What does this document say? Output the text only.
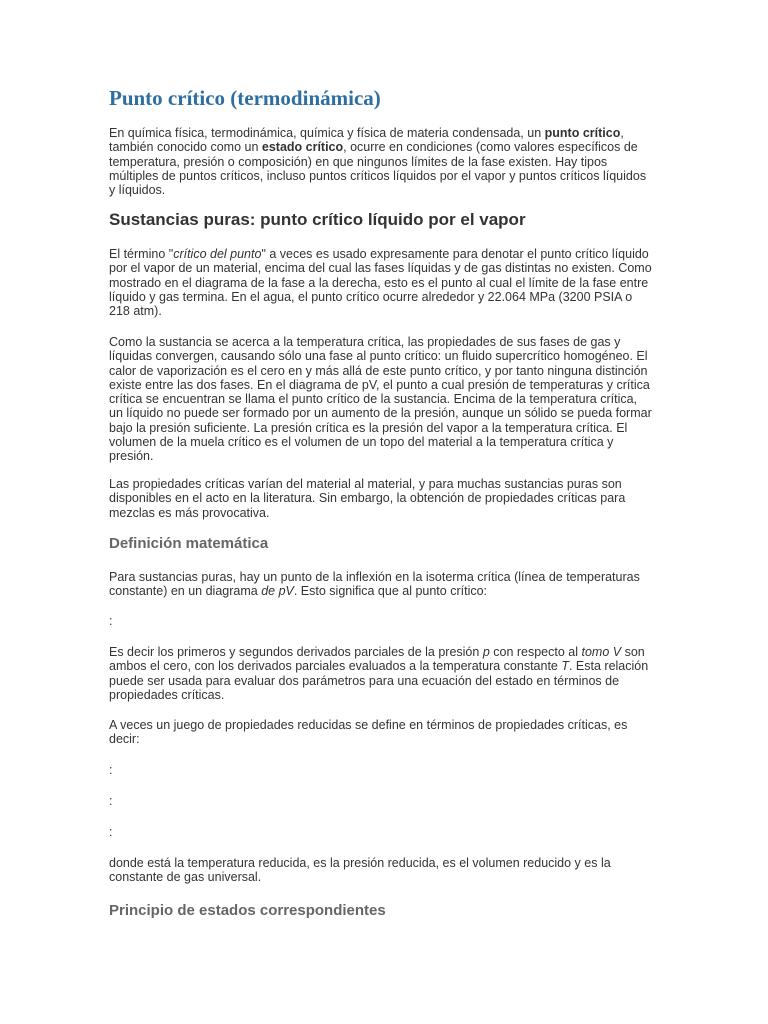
Punto crítico (termodinámica)

En química física, termodinámica, química y física de materia condensada, un punto crítico, también conocido como un estado crítico, ocurre en condiciones (como valores específicos de temperatura, presión o composición) en que ningunos límites de la fase existen. Hay tipos múltiples de puntos críticos, incluso puntos críticos líquidos por el vapor y puntos críticos líquidos y líquidos.

Sustancias puras: punto crítico líquido por el vapor

El término "crítico del punto" a veces es usado expresamente para denotar el punto crítico líquido por el vapor de un material, encima del cual las fases líquidas y de gas distintas no existen. Como mostrado en el diagrama de la fase a la derecha, esto es el punto al cual el límite de la fase entre líquido y gas termina. En el agua, el punto crítico ocurre alrededor y 22.064 MPa (3200 PSIA o 218 atm).

Como la sustancia se acerca a la temperatura crítica, las propiedades de sus fases de gas y líquidas convergen, causando sólo una fase al punto crítico: un fluido supercrítico homogéneo. El calor de vaporización es el cero en y más allá de este punto crítico, y por tanto ninguna distinción existe entre las dos fases. En el diagrama de pV, el punto a cual presión de temperaturas y crítica crítica se encuentran se llama el punto crítico de la sustancia. Encima de la temperatura crítica, un líquido no puede ser formado por un aumento de la presión, aunque un sólido se pueda formar bajo la presión suficiente. La presión crítica es la presión del vapor a la temperatura crítica. El volumen de la muela crítico es el volumen de un topo del material a la temperatura crítica y presión.

Las propiedades críticas varían del material al material, y para muchas sustancias puras son disponibles en el acto en la literatura. Sin embargo, la obtención de propiedades críticas para mezclas es más provocativa.

Definición matemática

Para sustancias puras, hay un punto de la inflexión en la isoterma crítica (línea de temperaturas constante) en un diagrama de pV. Esto significa que al punto crítico:

:

Es decir los primeros y segundos derivados parciales de la presión p con respecto al tomo V son ambos el cero, con los derivados parciales evaluados a la temperatura constante T. Esta relación puede ser usada para evaluar dos parámetros para una ecuación del estado en términos de propiedades críticas.

A veces un juego de propiedades reducidas se define en términos de propiedades críticas, es decir:

:

:

:

donde está la temperatura reducida, es la presión reducida, es el volumen reducido y es la constante de gas universal.

Principio de estados correspondientes
